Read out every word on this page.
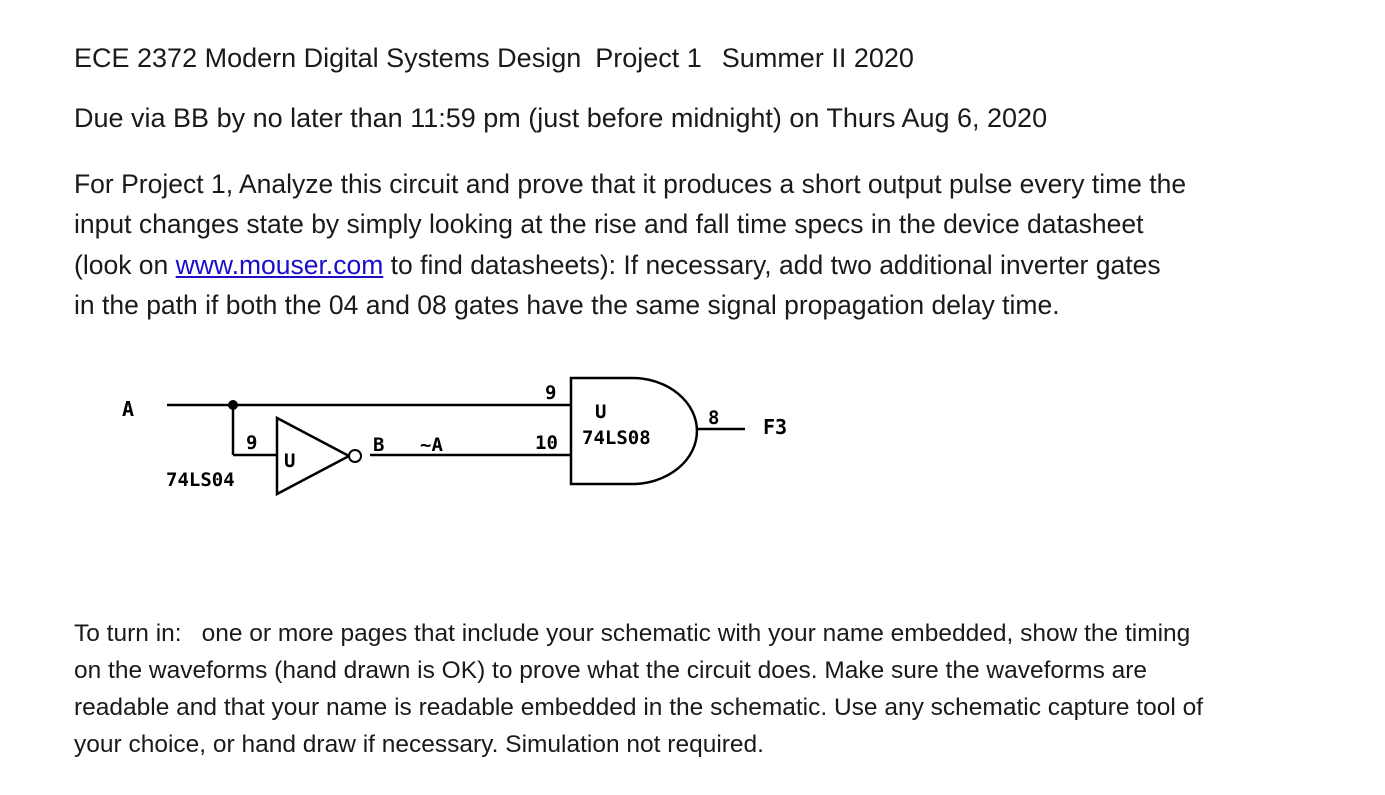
ECE 2372 Modern Digital Systems Design Project 1 Summer II 2020
Due via BB by no later than 11:59 pm (just before midnight) on Thurs Aug 6, 2020
For Project 1, Analyze this circuit and prove that it produces a short output pulse every time the
input changes state by simply looking at the rise and fall time specs in the device datasheet
(look on www.mouser.com to find datasheets): If necessary, add two additional inverter gates
in the path if both the 04 and 08 gates have the same signal propagation delay time.
A
9
U
74LS04
B ~A
9
10
U
74LS08
8 F3
To turn in: one or more pages that include your schematic with your name embedded, show the timing
on the waveforms (hand drawn is OK) to prove what the circuit does. Make sure the waveforms are
readable and that your name is readable embedded in the schematic. Use any schematic capture tool of
your choice, or hand draw if necessary. Simulation not required.
